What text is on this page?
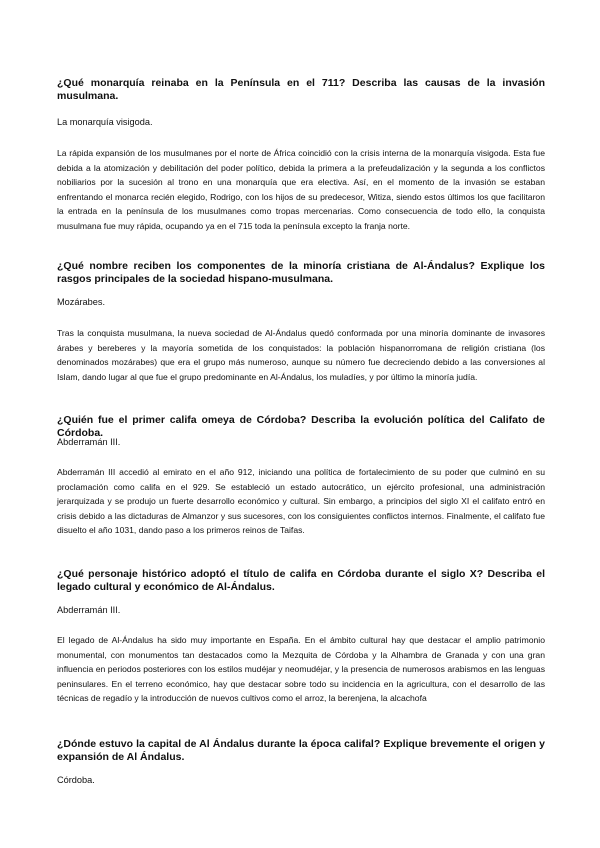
¿Qué monarquía reinaba en la Península en el 711? Describa las causas de la invasión musulmana.

La monarquía visigoda.

La rápida expansión de los musulmanes por el norte de África coincidió con la crisis interna de la monarquía visigoda. Esta fue debida a la atomización y debilitación del poder político, debida la primera a la prefeudalización y la segunda a los conflictos nobiliarios por la sucesión al trono en una monarquía que era electiva. Así, en el momento de la invasión se estaban enfrentando el monarca recién elegido, Rodrigo, con los hijos de su predecesor, Witiza, siendo estos últimos los que facilitaron la entrada en la península de los musulmanes como tropas mercenarias. Como consecuencia de todo ello, la conquista musulmana fue muy rápida, ocupando ya en el 715 toda la península excepto la franja norte.

¿Qué nombre reciben los componentes de la minoría cristiana de Al-Ándalus? Explique los rasgos principales de la sociedad hispano-musulmana.

Mozárabes.

Tras la conquista musulmana, la nueva sociedad de Al-Ándalus quedó conformada por una minoría dominante de invasores árabes y bereberes y la mayoría sometida de los conquistados: la población hispanorromana de religión cristiana (los denominados mozárabes) que era el grupo más numeroso, aunque su número fue decreciendo debido a las conversiones al Islam, dando lugar al que fue el grupo predominante en Al-Ándalus, los muladíes, y por último la minoría judía.

¿Quién fue el primer califa omeya de Córdoba? Describa la evolución política del Califato de Córdoba.

Abderramán III.

Abderramán III accedió al emirato en el año 912, iniciando una política de fortalecimiento de su poder que culminó en su proclamación como califa en el 929. Se estableció un estado autocrático, un ejército profesional, una administración jerarquizada y se produjo un fuerte desarrollo económico y cultural. Sin embargo, a principios del siglo XI el califato entró en crisis debido a las dictaduras de Almanzor y sus sucesores, con los consiguientes conflictos internos. Finalmente, el califato fue disuelto el año 1031, dando paso a los primeros reinos de Taifas.

¿Qué personaje histórico adoptó el título de califa en Córdoba durante el siglo X? Describa el legado cultural y económico de Al-Ándalus.

Abderramán III.

El legado de Al-Ándalus ha sido muy importante en España. En el ámbito cultural hay que destacar el amplio patrimonio monumental, con monumentos tan destacados como la Mezquita de Córdoba y la Alhambra de Granada y con una gran influencia en periodos posteriores con los estilos mudéjar y neomudéjar, y la presencia de numerosos arabismos en las lenguas peninsulares. En el terreno económico, hay que destacar sobre todo su incidencia en la agricultura, con el desarrollo de las técnicas de regadío y la introducción de nuevos cultivos como el arroz, la berenjena, la alcachofa

¿Dónde estuvo la capital de Al Ándalus durante la época califal? Explique brevemente el origen y expansión de Al Ándalus.

Córdoba.
